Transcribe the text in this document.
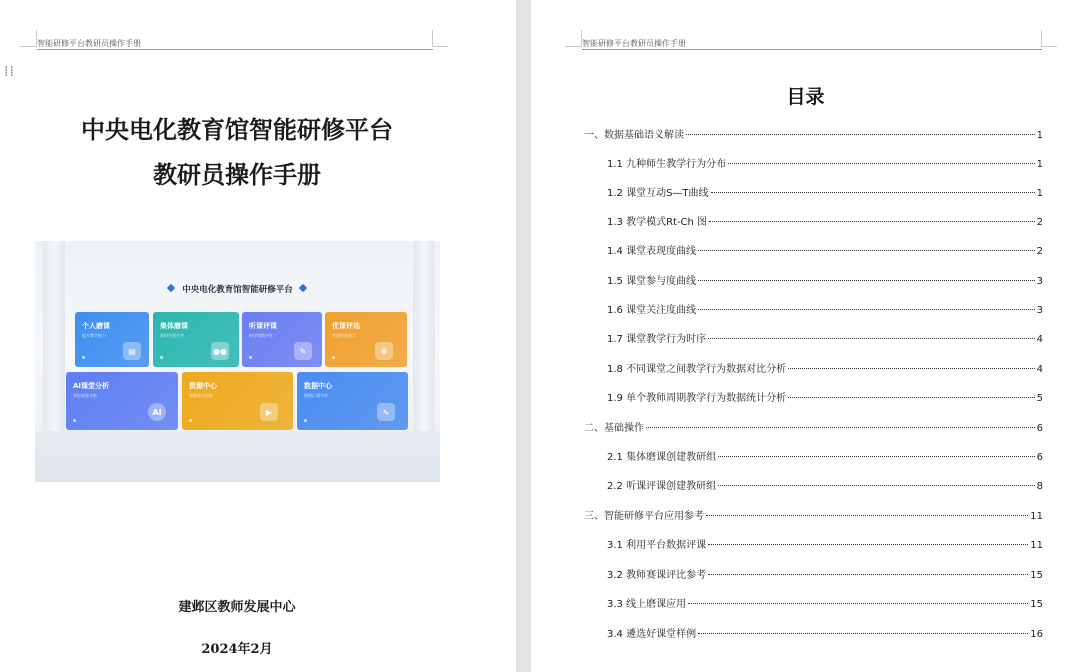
智能研修平台教研员操作手册
⁞⁞
中央电化教育馆智能研修平台
教研员操作手册
中央电化教育馆智能研修平台
个人磨课
提升教学能力
▤
集体磨课
教研共建共享
●●
听课评课
听评课数字化
✎
优课评选
优课评选展示
♛
AI课堂分析
智能课堂分析
AI
资源中心
海量教学资源
▶
数据中心
数据汇聚分析
∿
建邺区教师发展中心
2024年2月
智能研修平台教研员操作手册
目录
一、数据基础语义解读	1
1.1 九种师生教学行为分布	1
1.2 课堂互动S—T曲线	1
1.3 教学模式Rt-Ch 图	2
1.4 课堂表现度曲线	2
1.5 课堂参与度曲线	3
1.6 课堂关注度曲线	3
1.7 课堂教学行为时序	4
1.8 不同课堂之间教学行为数据对比分析	4
1.9 单个教师周期教学行为数据统计分析	5
二、基础操作	6
2.1 集体磨课创建教研组	6
2.2 听课评课创建教研组	8
三、智能研修平台应用参考	11
3.1 利用平台数据评课	11
3.2 教师赛课评比参考	15
3.3 线上磨课应用	15
3.4 遴选好课堂样例	16
